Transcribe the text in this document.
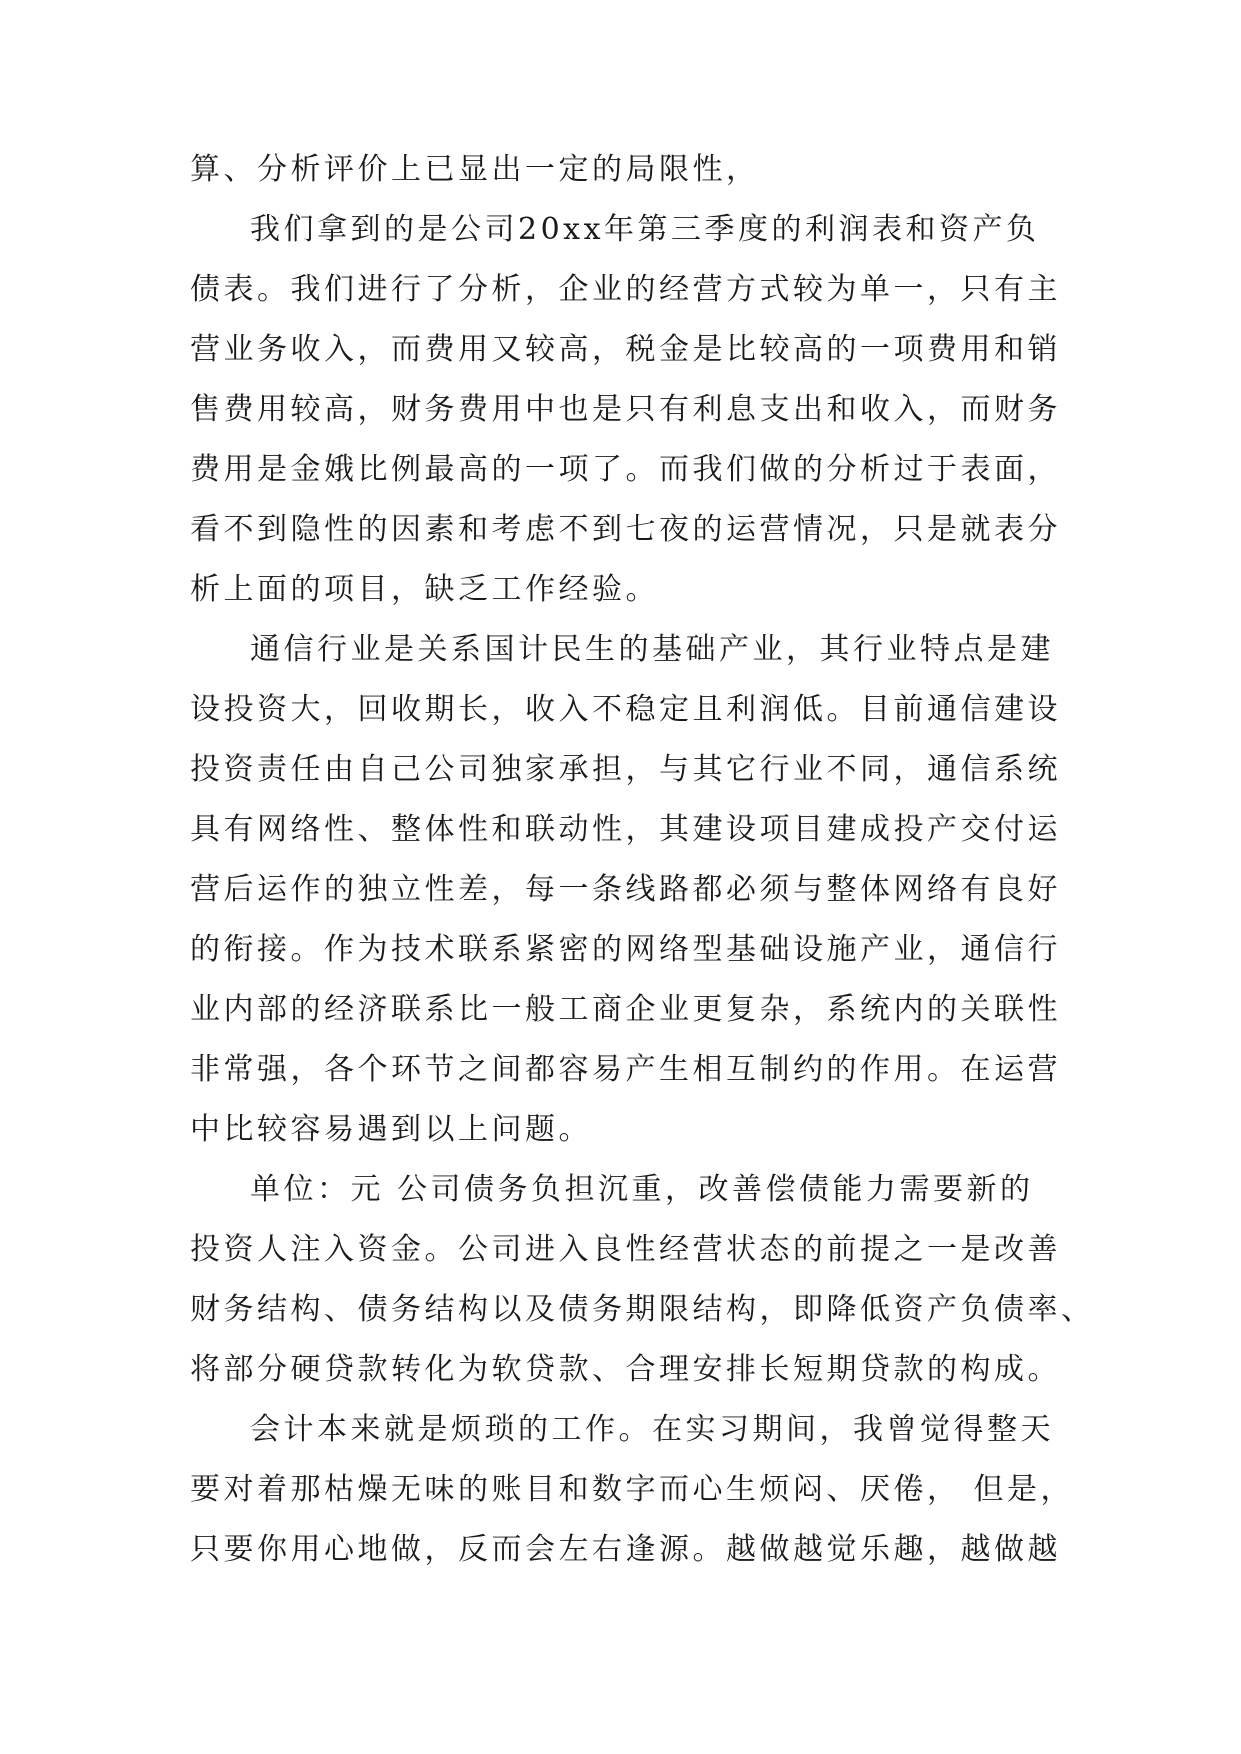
算、分析评价上已显出一定的局限性，
我们拿到的是公司20xx年第三季度的利润表和资产负
债表。我们进行了分析，企业的经营方式较为单一，只有主
营业务收入，而费用又较高，税金是比较高的一项费用和销
售费用较高，财务费用中也是只有利息支出和收入，而财务
费用是金娥比例最高的一项了。而我们做的分析过于表面，
看不到隐性的因素和考虑不到七夜的运营情况，只是就表分
析上面的项目，缺乏工作经验。
通信行业是关系国计民生的基础产业，其行业特点是建
设投资大，回收期长，收入不稳定且利润低。目前通信建设
投资责任由自己公司独家承担，与其它行业不同，通信系统
具有网络性、整体性和联动性，其建设项目建成投产交付运
营后运作的独立性差，每一条线路都必须与整体网络有良好
的衔接。作为技术联系紧密的网络型基础设施产业，通信行
业内部的经济联系比一般工商企业更复杂，系统内的关联性
非常强，各个环节之间都容易产生相互制约的作用。在运营
中比较容易遇到以上问题。
单位：元 公司债务负担沉重，改善偿债能力需要新的
投资人注入资金。公司进入良性经营状态的前提之一是改善
财务结构、债务结构以及债务期限结构，即降低资产负债率、
将部分硬贷款转化为软贷款、合理安排长短期贷款的构成。
会计本来就是烦琐的工作。在实习期间，我曾觉得整天
要对着那枯燥无味的账目和数字而心生烦闷、厌倦， 但是，
只要你用心地做，反而会左右逢源。越做越觉乐趣，越做越
